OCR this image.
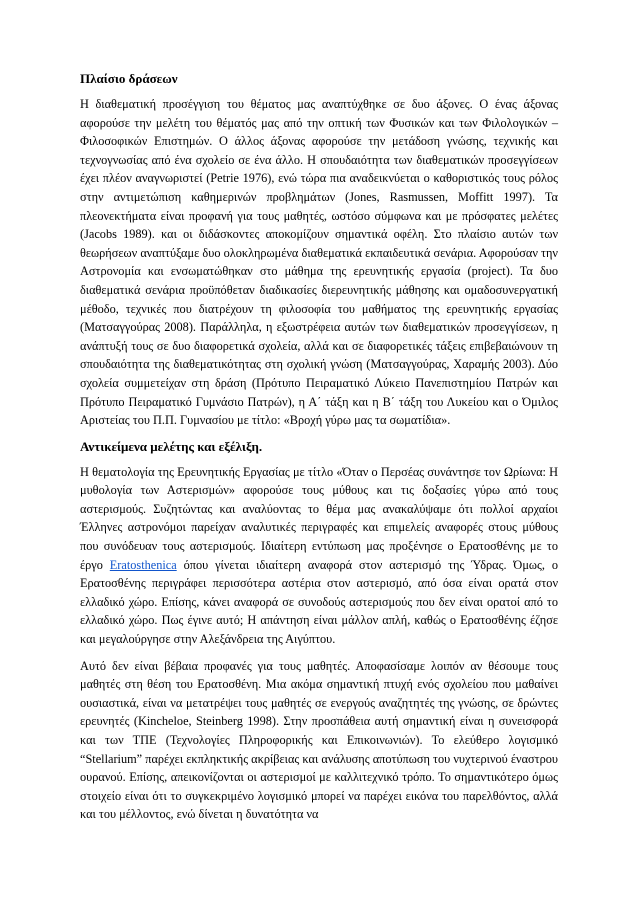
Πλαίσιο δράσεων

Η διαθεματική προσέγγιση του θέματος μας αναπτύχθηκε σε δυο άξονες. Ο ένας άξονας αφορούσε την μελέτη του θέματός μας από την οπτική των Φυσικών και των Φιλολογικών – Φιλοσοφικών Επιστημών. Ο άλλος άξονας αφορούσε την μετάδοση γνώσης, τεχνικής και τεχνογνωσίας από ένα σχολείο σε ένα άλλο. Η σπουδαιότητα των διαθεματικών προσεγγίσεων έχει πλέον αναγνωριστεί (Petrie 1976), ενώ τώρα πια αναδεικνύεται ο καθοριστικός τους ρόλος στην αντιμετώπιση καθημερινών προβλημάτων (Jones, Rasmussen, Moffitt 1997). Τα πλεονεκτήματα είναι προφανή για τους μαθητές, ωστόσο σύμφωνα και με πρόσφατες μελέτες (Jacobs 1989). και οι διδάσκοντες αποκομίζουν σημαντικά οφέλη. Στο πλαίσιο αυτών των θεωρήσεων αναπτύξαμε δυο ολοκληρωμένα διαθεματικά εκπαιδευτικά σενάρια. Αφορούσαν την Αστρονομία και ενσωματώθηκαν στο μάθημα της ερευνητικής εργασία (project). Τα δυο διαθεματικά σενάρια προϋπόθεταν διαδικασίες διερευνητικής μάθησης και ομαδοσυνεργατική μέθοδο, τεχνικές που διατρέχουν τη φιλοσοφία του μαθήματος της ερευνητικής εργασίας (Ματσαγγούρας 2008). Παράλληλα, η εξωστρέφεια αυτών των διαθεματικών προσεγγίσεων, η ανάπτυξή τους σε δυο διαφορετικά σχολεία, αλλά και σε διαφορετικές τάξεις επιβεβαιώνουν τη σπουδαιότητα της διαθεματικότητας στη σχολική γνώση (Ματσαγγούρας, Χαραμής 2003). Δύο σχολεία συμμετείχαν στη δράση (Πρότυπο Πειραματικό Λύκειο Πανεπιστημίου Πατρών και Πρότυπο Πειραματικό Γυμνάσιο Πατρών), η Α΄ τάξη και η Β΄ τάξη του Λυκείου και ο Όμιλος Αριστείας του Π.Π. Γυμνασίου με τίτλο: «Βροχή γύρω μας τα σωματίδια».

Αντικείμενα μελέτης και εξέλιξη.

Η θεματολογία της Ερευνητικής Εργασίας με τίτλο «Όταν ο Περσέας συνάντησε τον Ωρίωνα: Η μυθολογία των Αστερισμών» αφορούσε τους μύθους και τις δοξασίες γύρω από τους αστερισμούς. Συζητώντας και αναλύοντας το θέμα μας ανακαλύψαμε ότι πολλοί αρχαίοι Έλληνες αστρονόμοι παρείχαν αναλυτικές περιγραφές και επιμελείς αναφορές στους μύθους που συνόδευαν τους αστερισμούς. Ιδιαίτερη εντύπωση μας προξένησε ο Ερατοσθένης με το έργο Eratosthenica όπου γίνεται ιδιαίτερη αναφορά στον αστερισμό της Ύδρας. Όμως, ο Ερατοσθένης περιγράφει περισσότερα αστέρια στον αστερισμό, από όσα είναι ορατά στον ελλαδικό χώρο. Επίσης, κάνει αναφορά σε συνοδούς αστερισμούς που δεν είναι ορατοί από το ελλαδικό χώρο. Πως έγινε αυτό; Η απάντηση είναι μάλλον απλή, καθώς ο Ερατοσθένης έζησε και μεγαλούργησε στην Αλεξάνδρεια της Αιγύπτου.

Αυτό δεν είναι βέβαια προφανές για τους μαθητές. Αποφασίσαμε λοιπόν αν θέσουμε τους μαθητές στη θέση του Ερατοσθένη. Μια ακόμα σημαντική πτυχή ενός σχολείου που μαθαίνει ουσιαστικά, είναι να μετατρέψει τους μαθητές σε ενεργούς αναζητητές της γνώσης, σε δρώντες ερευνητές (Kincheloe, Steinberg 1998). Στην προσπάθεια αυτή σημαντική είναι η συνεισφορά και των ΤΠΕ (Τεχνολογίες Πληροφορικής και Επικοινωνιών). Το ελεύθερο λογισμικό “Stellarium” παρέχει εκπληκτικής ακρίβειας και ανάλυσης αποτύπωση του νυχτερινού έναστρου ουρανού. Επίσης, απεικονίζονται οι αστερισμοί με καλλιτεχνικό τρόπο. Το σημαντικότερο όμως στοιχείο είναι ότι το συγκεκριμένο λογισμικό μπορεί να παρέχει εικόνα του παρελθόντος, αλλά και του μέλλοντος, ενώ δίνεται η δυνατότητα να
